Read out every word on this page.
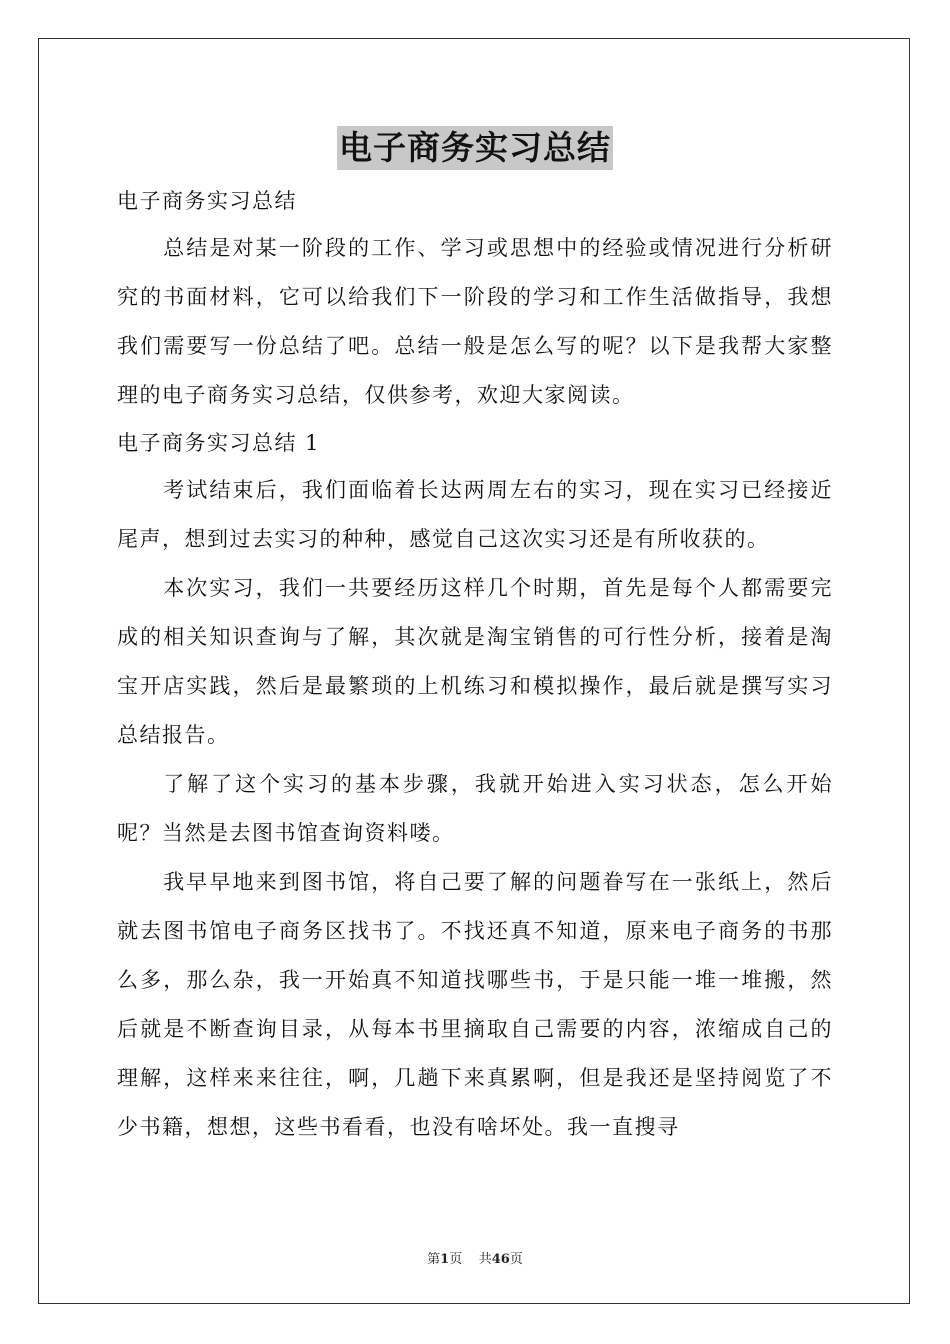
电子商务实习总结

电子商务实习总结

总结是对某一阶段的工作、学习或思想中的经验或情况进行分析研究的书面材料，它可以给我们下一阶段的学习和工作生活做指导，我想我们需要写一份总结了吧。总结一般是怎么写的呢？以下是我帮大家整理的电子商务实习总结，仅供参考，欢迎大家阅读。

电子商务实习总结 1

考试结束后，我们面临着长达两周左右的实习，现在实习已经接近尾声，想到过去实习的种种，感觉自己这次实习还是有所收获的。

本次实习，我们一共要经历这样几个时期，首先是每个人都需要完成的相关知识查询与了解，其次就是淘宝销售的可行性分析，接着是淘宝开店实践，然后是最繁琐的上机练习和模拟操作，最后就是撰写实习总结报告。

了解了这个实习的基本步骤，我就开始进入实习状态，怎么开始呢？当然是去图书馆查询资料喽。

我早早地来到图书馆，将自己要了解的问题眷写在一张纸上，然后就去图书馆电子商务区找书了。不找还真不知道，原来电子商务的书那么多，那么杂，我一开始真不知道找哪些书，于是只能一堆一堆搬，然后就是不断查询目录，从每本书里摘取自己需要的内容，浓缩成自己的理解，这样来来往往，啊，几趟下来真累啊，但是我还是坚持阅览了不少书籍，想想，这些书看看，也没有啥坏处。我一直搜寻

第1页 共46页
